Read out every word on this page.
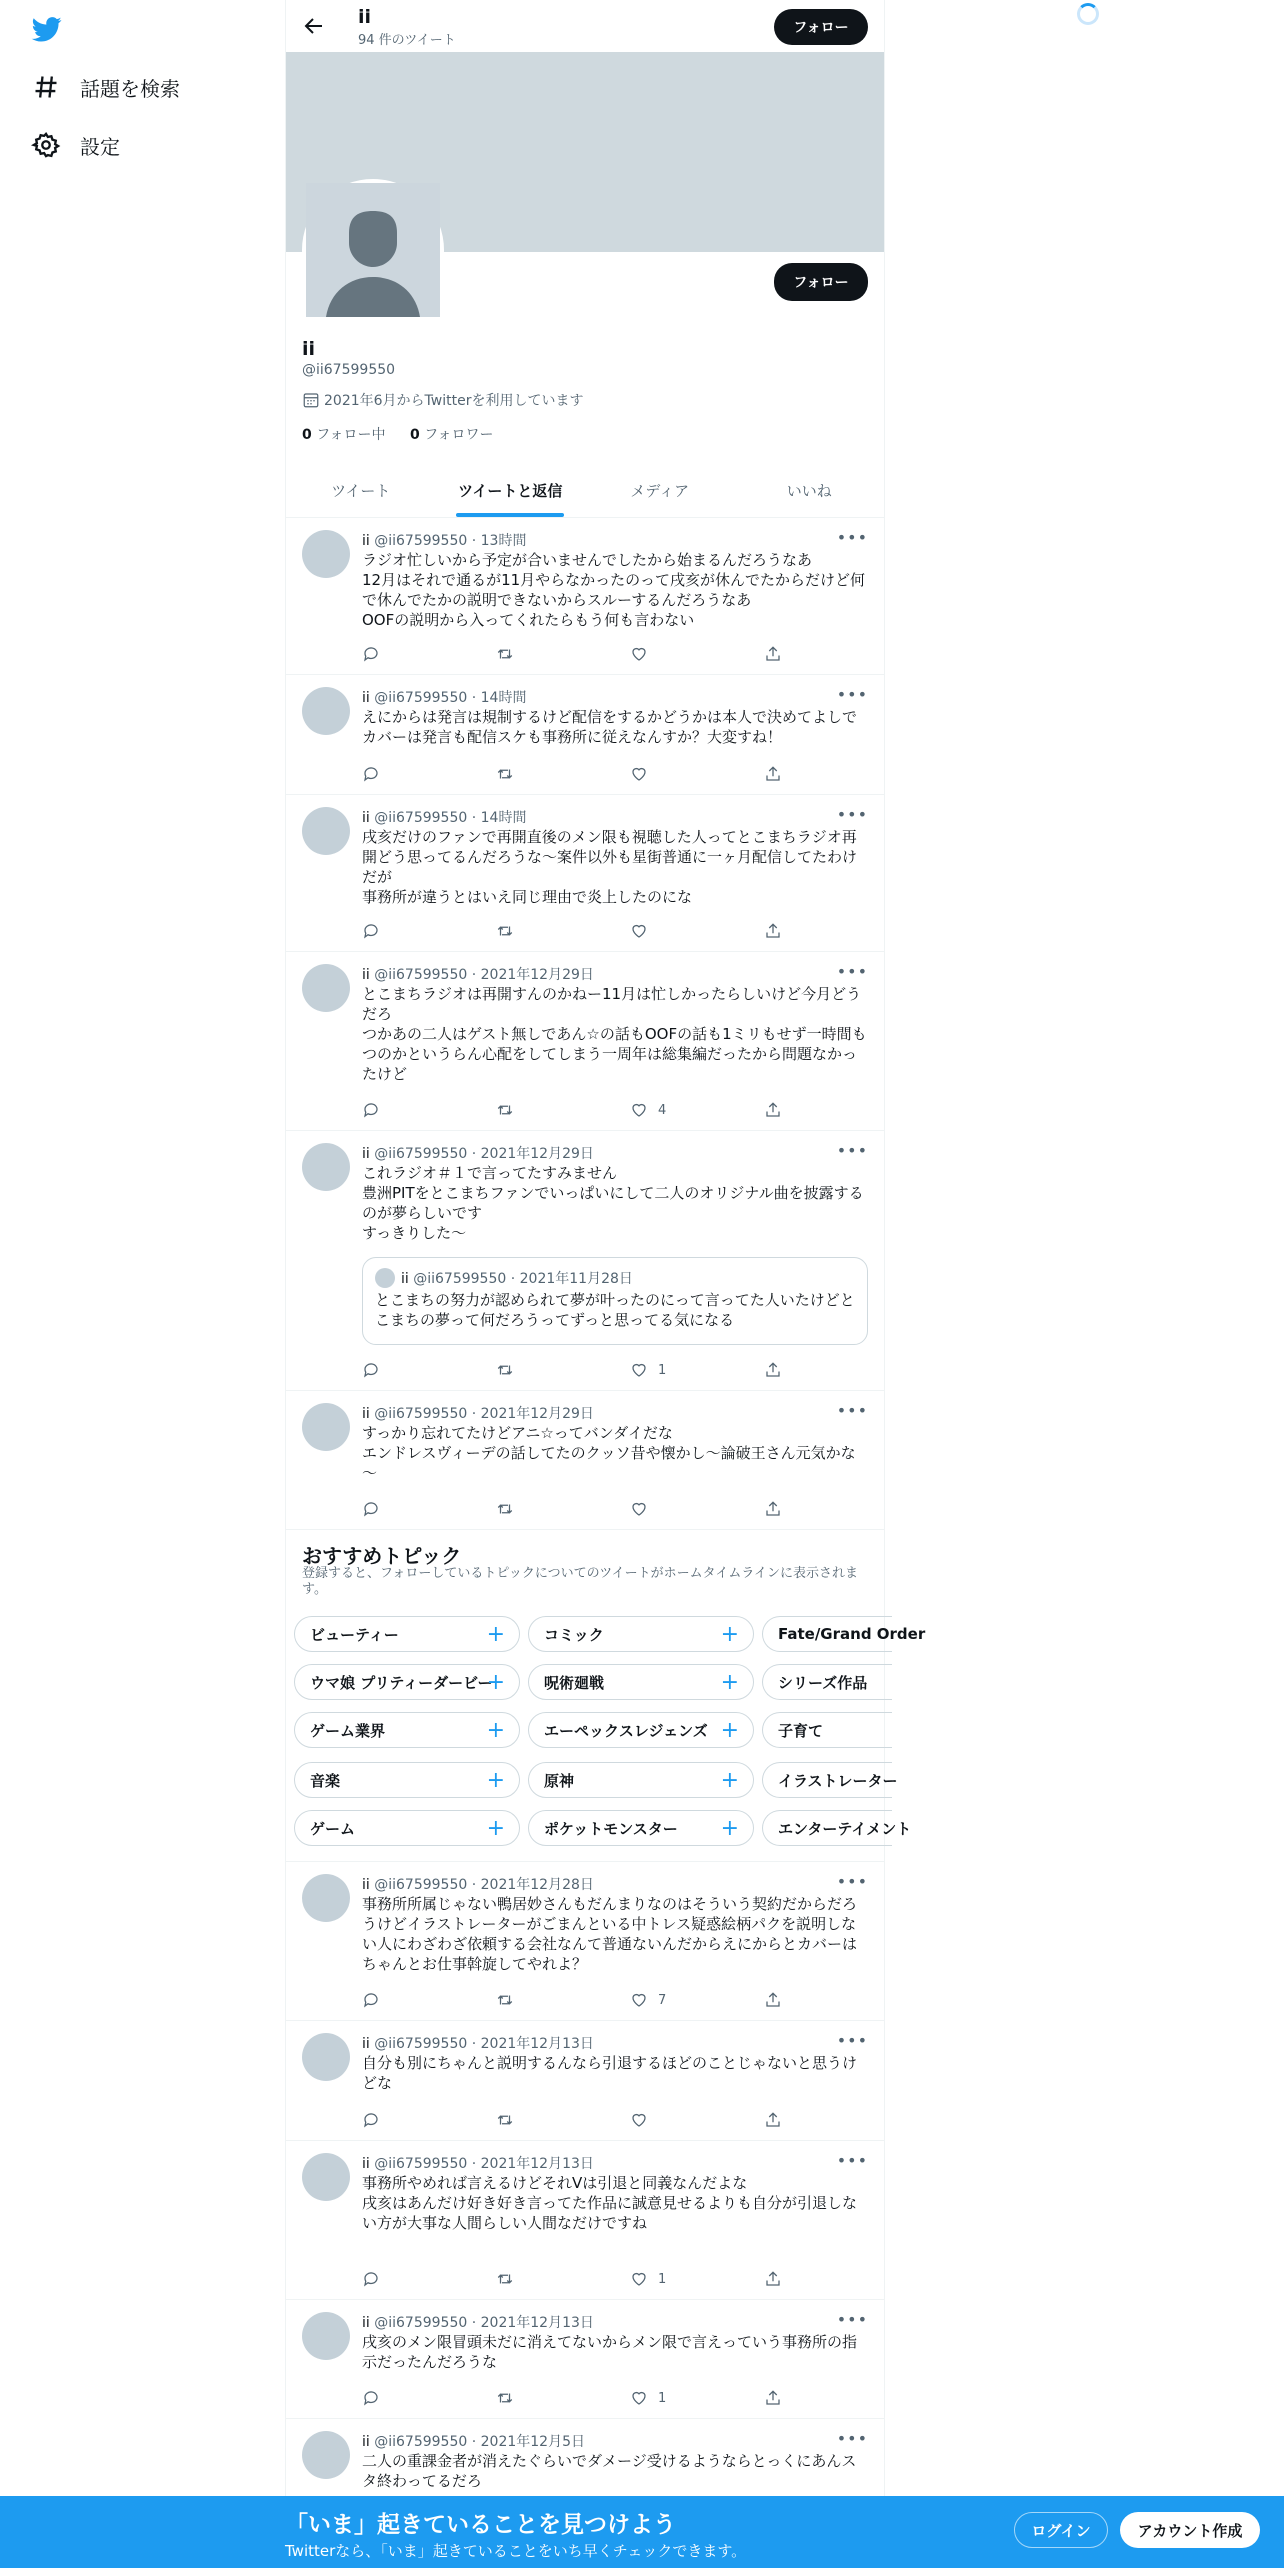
話題を検索
設定
ii
94 件のツイート
フォロー
フォロー
ii
@ii67599550
2021年6月からTwitterを利用しています
0 フォロー中 0 フォロワー
ツイート	ツイートと返信	メディア	いいね
ii @ii67599550 · 13時間	•••
ラジオ忙しいから予定が合いませんでしたから始まるんだろうなあ
12月はそれで通るが11月やらなかったのって戌亥が休んでたからだけど何で休んでたかの説明できないからスルーするんだろうなあ
OOFの説明から入ってくれたらもう何も言わない
ii @ii67599550 · 14時間	•••
えにからは発言は規制するけど配信をするかどうかは本人で決めてよしでカバーは発言も配信スケも事務所に従えなんすか？大変すね！
ii @ii67599550 · 14時間	•••
戌亥だけのファンで再開直後のメン限も視聴した人ってとこまちラジオ再開どう思ってるんだろうな～案件以外も星街普通に一ヶ月配信してたわけだが
事務所が違うとはいえ同じ理由で炎上したのにな
ii @ii67599550 · 2021年12月29日	•••
とこまちラジオは再開すんのかねー11月は忙しかったらしいけど今月どうだろ
つかあの二人はゲスト無しであん☆の話もOOFの話も1ミリもせず一時間もつのかというらん心配をしてしまう一周年は総集編だったから問題なかったけど
4
ii @ii67599550 · 2021年12月29日	•••
これラジオ＃１で言ってたすみません
豊洲PITをとこまちファンでいっぱいにして二人のオリジナル曲を披露するのが夢らしいです
すっきりした～
ii @ii67599550 · 2021年11月28日
とこまちの努力が認められて夢が叶ったのにって言ってた人いたけどとこまちの夢って何だろうってずっと思ってる気になる
1
ii @ii67599550 · 2021年12月29日	•••
すっかり忘れてたけどアニ☆ってバンダイだな
エンドレスヴィーデの話してたのクッソ昔や懐かし～論破王さん元気かな～
ii @ii67599550 · 2021年12月28日	•••
事務所所属じゃない鴨居妙さんもだんまりなのはそういう契約だからだろうけどイラストレーターがごまんといる中トレス疑惑絵柄パクを説明しない人にわざわざ依頼する会社なんて普通ないんだからえにからとカバーはちゃんとお仕事斡旋してやれよ？
7
ii @ii67599550 · 2021年12月13日	•••
自分も別にちゃんと説明するんなら引退するほどのことじゃないと思うけどな
ii @ii67599550 · 2021年12月13日	•••
事務所やめれば言えるけどそれVは引退と同義なんだよな
戌亥はあんだけ好き好き言ってた作品に誠意見せるよりも自分が引退しない方が大事な人間らしい人間なだけですね
1
ii @ii67599550 · 2021年12月13日	•••
戌亥のメン限冒頭未だに消えてないからメン限で言えっていう事務所の指示だったんだろうな
1
ii @ii67599550 · 2021年12月5日	•••
二人の重課金者が消えたぐらいでダメージ受けるようならとっくにあんスタ終わってるだろ
おすすめトピック
登録すると、フォローしているトピックについてのツイートがホームタイムラインに表示されます。
ビューティー	+	コミック	+	Fate/Grand Order
ウマ娘 プリティーダービー
+	呪術廻戦	+	シリーズ作品
ゲーム業界	+	エーペックスレジェンズ +	子育て
音楽	+	原神	+	イラストレーター
ゲーム	+	ポケットモンスター +	エンターテイメント
「いま」起きていることを見つけよう
Twitterなら、「いま」起きていることをいち早くチェックできます。
ログイン	アカウント作成
